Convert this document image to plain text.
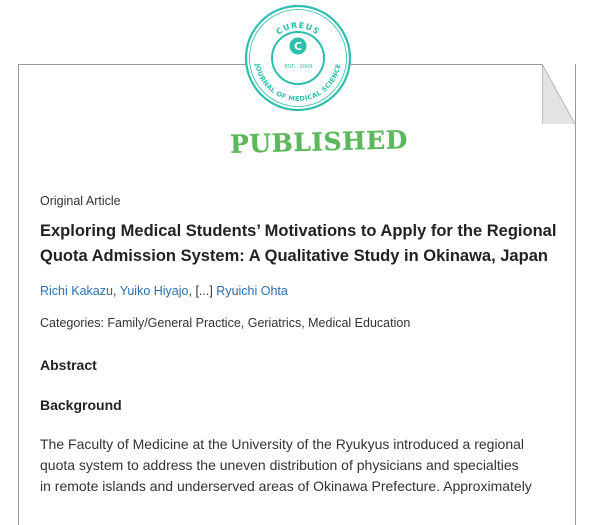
CUREUS
JOURNAL OF MEDICAL SCIENCE
C
EST. 2009
PUBLISHED
Original Article
Exploring Medical Students’ Motivations to Apply for the Regional
Quota Admission System: A Qualitative Study in Okinawa, Japan
Richi Kakazu, Yuiko Hiyajo, [...] Ryuichi Ohta
Categories: Family/General Practice, Geriatrics, Medical Education
Abstract
Background

The Faculty of Medicine at the University of the Ryukyus introduced a regional
quota system to address the uneven distribution of physicians and specialties
in remote islands and underserved areas of Okinawa Prefecture. Approximately
